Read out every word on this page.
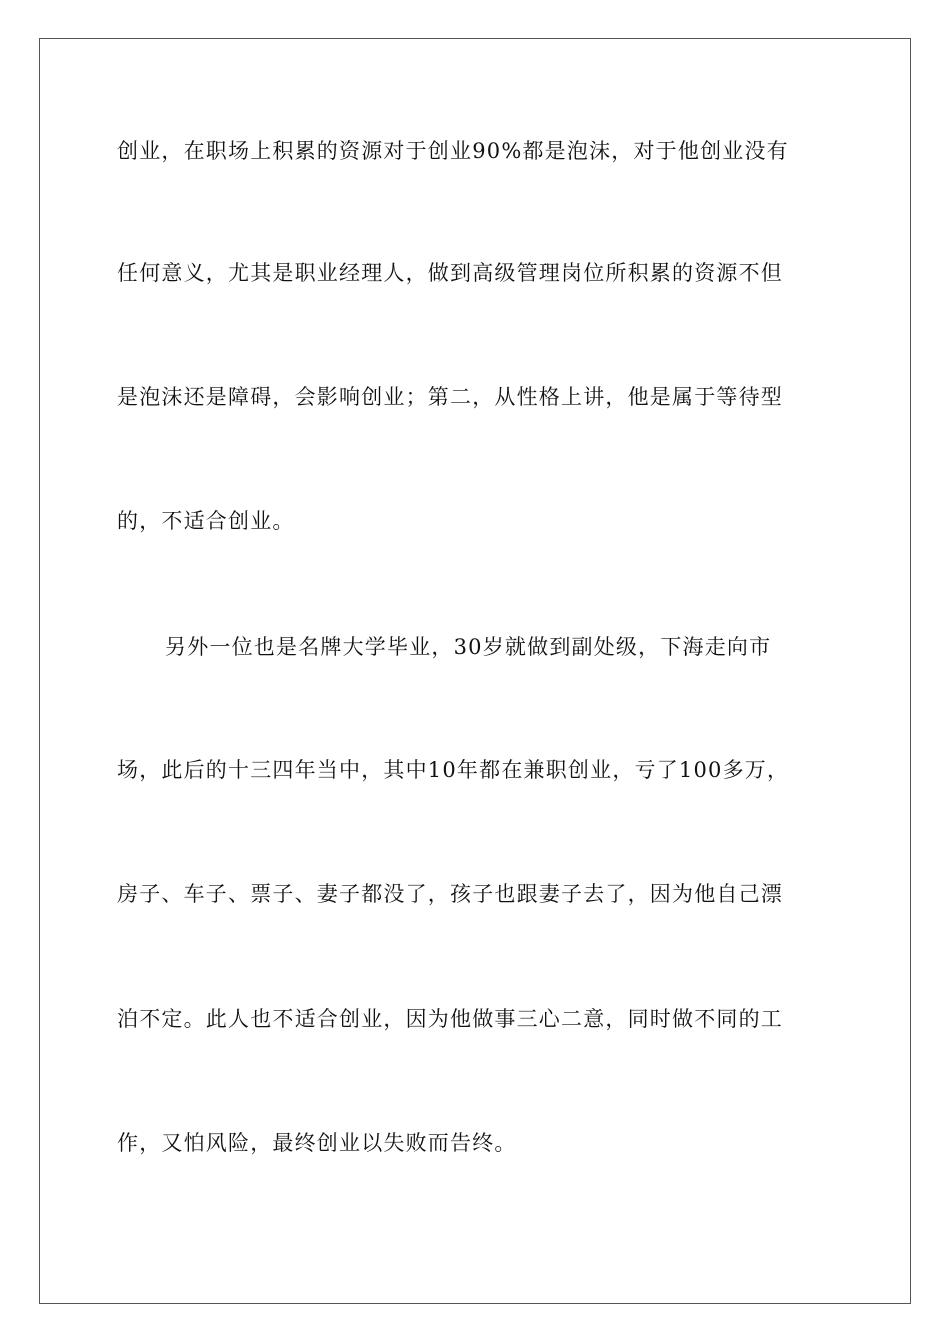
创业，在职场上积累的资源对于创业90%都是泡沫，对于他创业没有
任何意义，尤其是职业经理人，做到高级管理岗位所积累的资源不但
是泡沫还是障碍，会影响创业；第二，从性格上讲，他是属于等待型
的，不适合创业。
另外一位也是名牌大学毕业，30岁就做到副处级，下海走向市
场，此后的十三四年当中，其中10年都在兼职创业，亏了100多万，
房子、车子、票子、妻子都没了，孩子也跟妻子去了，因为他自己漂
泊不定。此人也不适合创业，因为他做事三心二意，同时做不同的工
作，又怕风险，最终创业以失败而告终。
